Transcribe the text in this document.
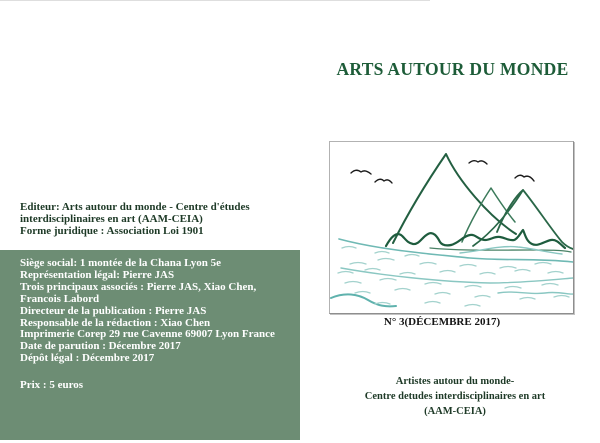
ARTS AUTOUR DU MONDE
Editeur: Arts autour du monde - Centre d'études
interdisciplinaires en art (AAM-CEIA)
Forme juridique : Association Loi 1901
Siège social: 1 montée de la Chana Lyon 5e
Représentation légal: Pierre JAS
Trois principaux associés : Pierre JAS, Xiao Chen,
Francois Labord
Directeur de la publication : Pierre JAS
Responsable de la rédaction : Xiao Chen
Imprimerie Corep 29 rue Cavenne 69007 Lyon France
Date de parution : Décembre 2017
Dépôt légal : Décembre 2017
Prix : 5 euros
N° 3(DÉCEMBRE 2017)
Artistes autour du monde-
Centre detudes interdisciplinaires en art
(AAM-CEIA)
